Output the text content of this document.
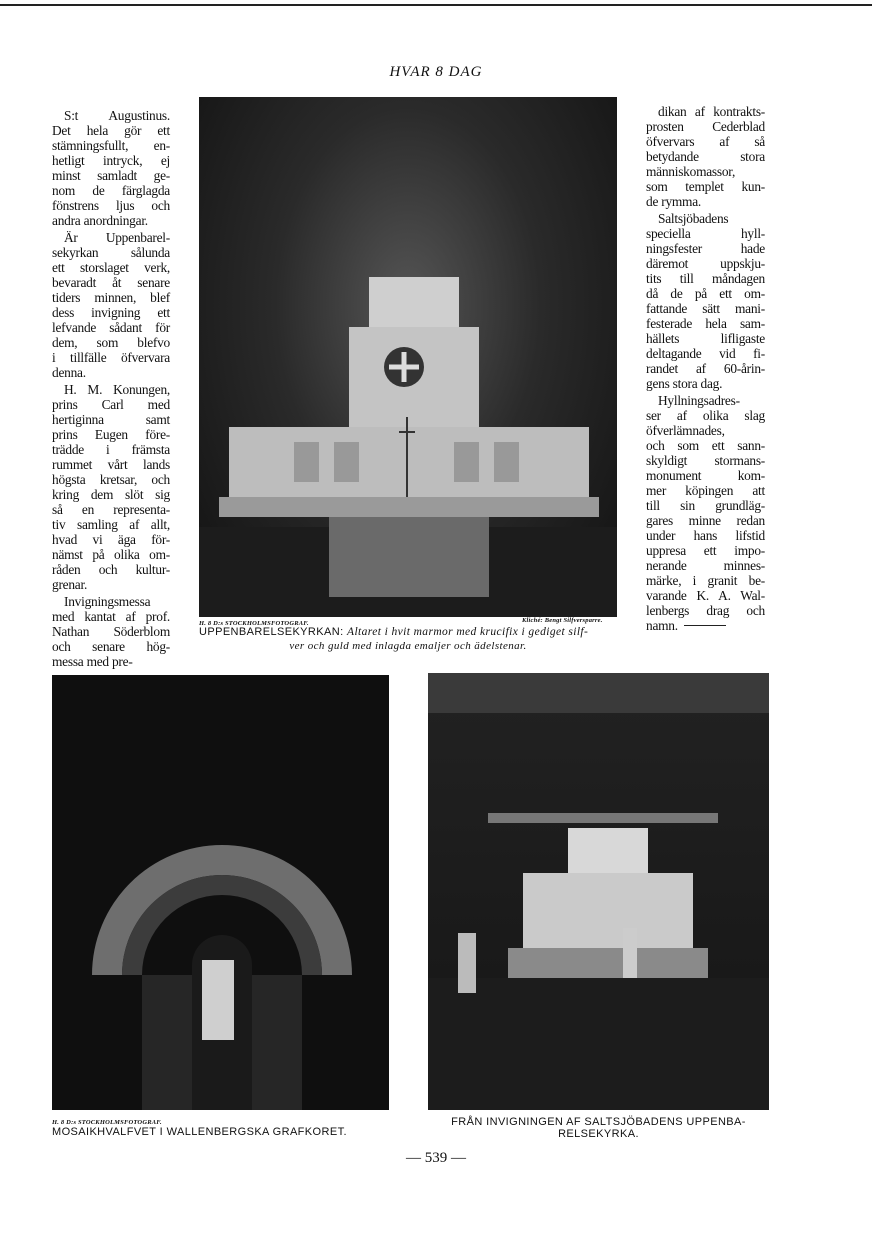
HVAR 8 DAG
S:t Augustinus.
Det hela gör ett
stämningsfullt, en-
hetligt intryck, ej
minst samladt ge-
nom de färglagda
fönstrens ljus och
andra anordningar.
Är Uppenbarel-
sekyrkan sålunda
ett storslaget verk,
bevaradt åt senare
tiders minnen, blef
dess invigning ett
lefvande sådant för
dem, som blefvo
i tillfälle öfvervara
denna.
H. M. Konungen,
prins Carl med
hertiginna samt
prins Eugen före-
trädde i främsta
rummet vårt lands
högsta kretsar, och
kring dem slöt sig
så en representa-
tiv samling af allt,
hvad vi äga för-
nämst på olika om-
råden och kultur-
grenar.
Invigningsmessa
med kantat af prof.
Nathan Söderblom
och senare hög-
messa med pre-
dikan af kontrakts-
prosten Cederblad
öfvervars af så
betydande stora
människomassor,
som templet kun-
de rymma.
Saltsjöbadens
speciella hyll-
ningsfester hade
däremot uppskju-
tits till måndagen
då de på ett om-
fattande sätt mani-
festerade hela sam-
hällets lifligaste
deltagande vid fi-
randet af 60-årin-
gens stora dag.
Hyllningsadres-
ser af olika slag
öfverlämnades,
och som ett sann-
skyldigt stormans-
monument kom-
mer köpingen att
till sin grundläg-
gares minne redan
under hans lifstid
uppresa ett impo-
nerande minnes-
märke, i granit be-
varande K. A. Wal-
lenbergs drag och
namn.
H. 8 D:s STOCKHOLMSFOTOGRAF.	Kliché: Bengt Silfversparre.
UPPENBARELSEKYRKAN: Altaret i hvit marmor med krucifix i gediget silf-
ver och guld med inlagda emaljer och ädelstenar.
H. 8 D:s STOCKHOLMSFOTOGRAF.
MOSAIKHVALFVET I WALLENBERGSKA GRAFKORET.
FRÅN INVIGNINGEN AF SALTSJÖBADENS UPPENBA-
RELSEKYRKA.
— 539 —
